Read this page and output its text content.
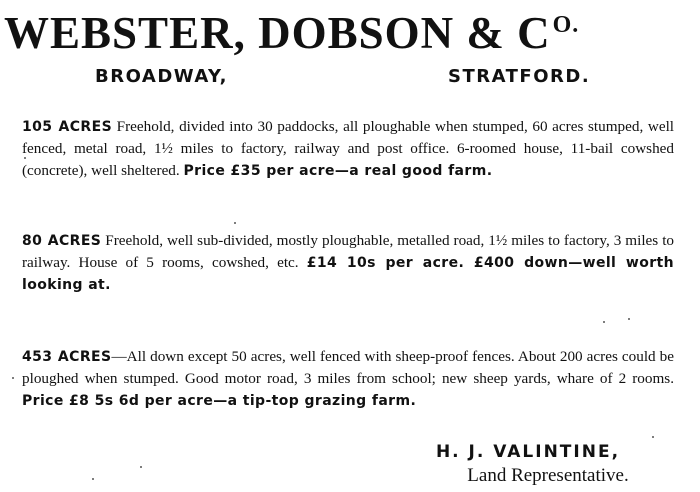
WEBSTER, DOBSON & $C^{O.}$
BROADWAY,	STRATFORD.
105 ACRES Freehold, divided into 30 paddocks, all ploughable when stumped, 60 acres stumped, well fenced, metal road, 1½ miles to factory, railway and post office. 6-roomed house, 11-bail cowshed (concrete), well sheltered. Price £35 per acre—a real good farm.
80 ACRES Freehold, well sub-divided, mostly ploughable, metalled road, 1½ miles to factory, 3 miles to railway. House of 5 rooms, cowshed, etc. £14 10s per acre. £400 down—well worth looking at.
453 ACRES—All down except 50 acres, well fenced with sheep-proof fences. About 200 acres could be ploughed when stumped. Good motor road, 3 miles from school; new sheep yards, whare of 2 rooms. Price £8 5s 6d per acre—a tip-top grazing farm.
H. J. VALINTINE,
Land Representative.
